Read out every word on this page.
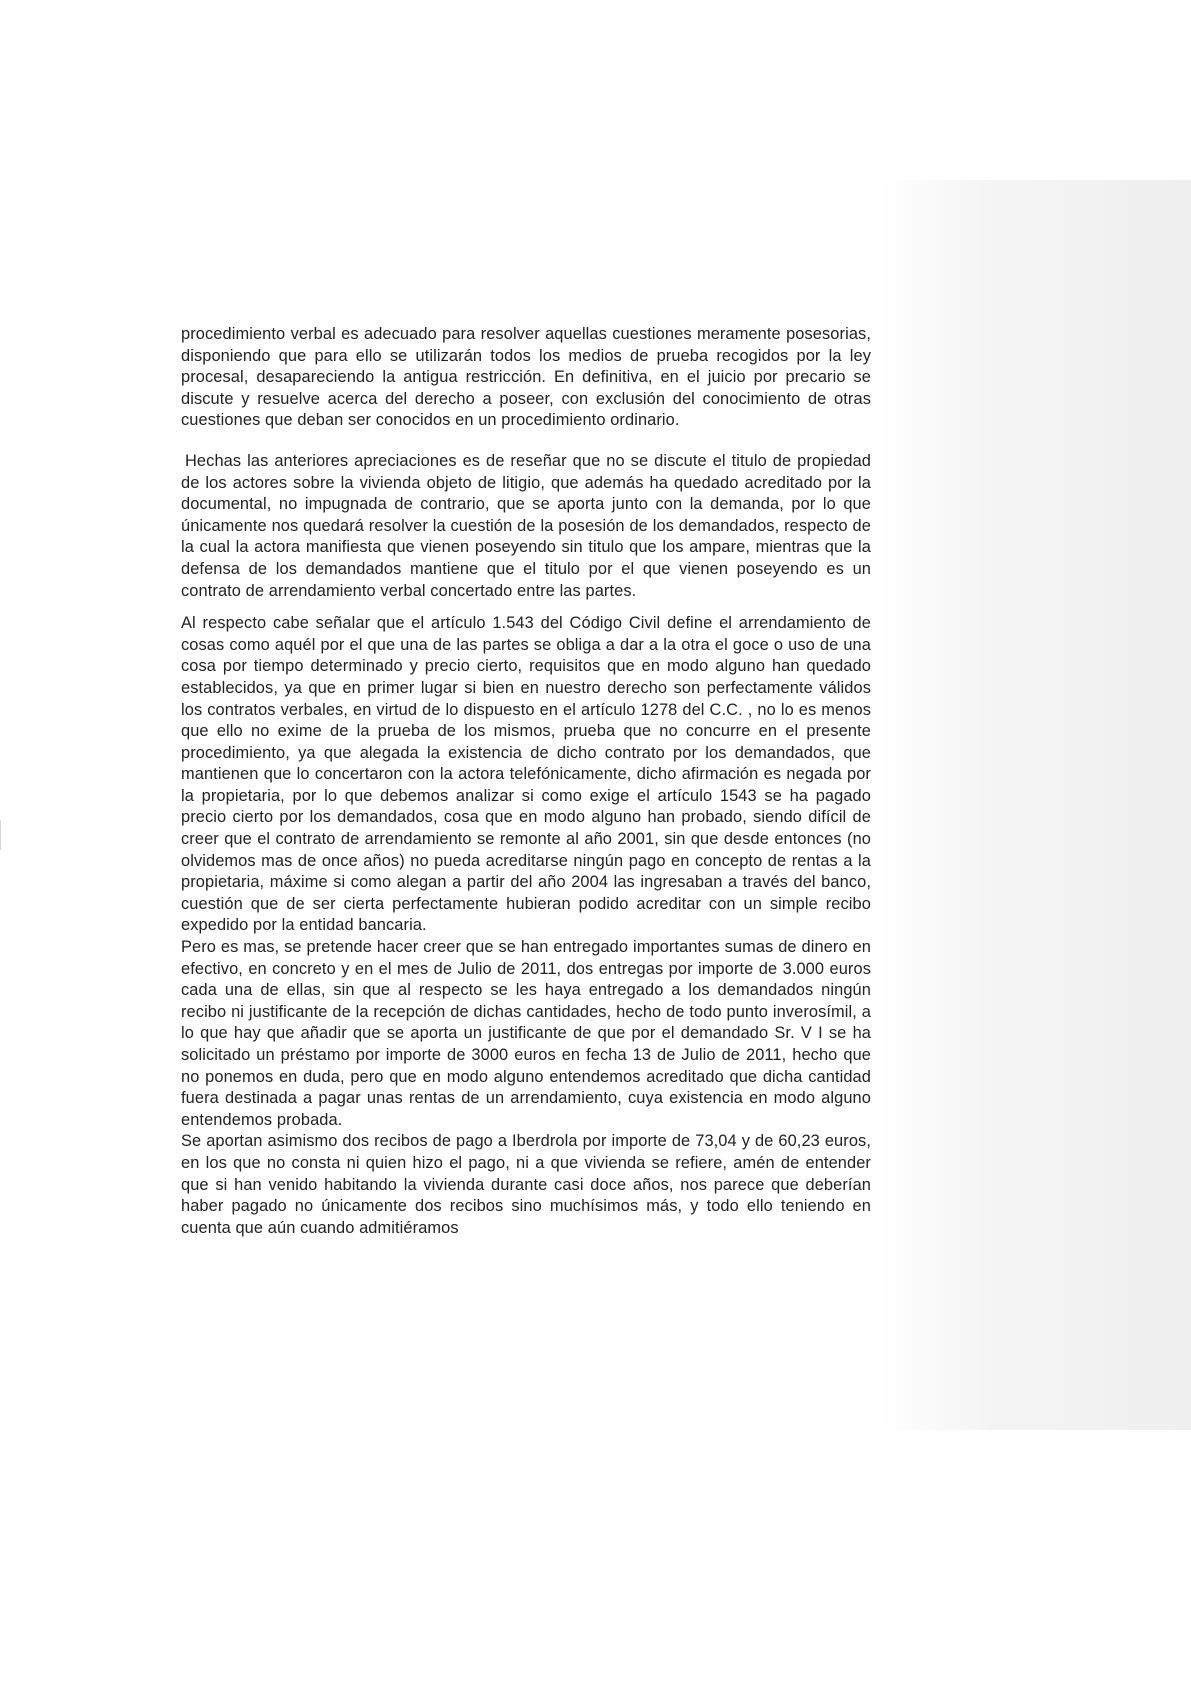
procedimiento verbal es adecuado para resolver aquellas cuestiones meramente posesorias, disponiendo que para ello se utilizarán todos los medios de prueba recogidos por la ley procesal, desapareciendo la antigua restricción. En definitiva, en el juicio por precario se discute y resuelve acerca del derecho a poseer, con exclusión del conocimiento de otras cuestiones que deban ser conocidos en un procedimiento ordinario.

Hechas las anteriores apreciaciones es de reseñar que no se discute el titulo de propiedad de los actores sobre la vivienda objeto de litigio, que además ha quedado acreditado por la documental, no impugnada de contrario, que se aporta junto con la demanda, por lo que únicamente nos quedará resolver la cuestión de la posesión de los demandados, respecto de la cual la actora manifiesta que vienen poseyendo sin titulo que los ampare, mientras que la defensa de los demandados mantiene que el titulo por el que vienen poseyendo es un contrato de arrendamiento verbal concertado entre las partes.

Al respecto cabe señalar que el artículo 1.543 del Código Civil define el arrendamiento de cosas como aquél por el que una de las partes se obliga a dar a la otra el goce o uso de una cosa por tiempo determinado y precio cierto, requisitos que en modo alguno han quedado establecidos, ya que en primer lugar si bien en nuestro derecho son perfectamente válidos los contratos verbales, en virtud de lo dispuesto en el artículo 1278 del C.C. , no lo es menos que ello no exime de la prueba de los mismos, prueba que no concurre en el presente procedimiento, ya que alegada la existencia de dicho contrato por los demandados, que mantienen que lo concertaron con la actora telefónicamente, dicho afirmación es negada por la propietaria, por lo que debemos analizar si como exige el artículo 1543 se ha pagado precio cierto por los demandados, cosa que en modo alguno han probado, siendo difícil de creer que el contrato de arrendamiento se remonte al año 2001, sin que desde entonces (no olvidemos mas de once años) no pueda acreditarse ningún pago en concepto de rentas a la propietaria, máxime si como alegan a partir del año 2004 las ingresaban a través del banco, cuestión que de ser cierta perfectamente hubieran podido acreditar con un simple recibo expedido por la entidad bancaria.

Pero es mas, se pretende hacer creer que se han entregado importantes sumas de dinero en efectivo, en concreto y en el mes de Julio de 2011, dos entregas por importe de 3.000 euros cada una de ellas, sin que al respecto se les haya entregado a los demandados ningún recibo ni justificante de la recepción de dichas cantidades, hecho de todo punto inverosímil, a lo que hay que añadir que se aporta un justificante de que por el demandado Sr. V I se ha solicitado un préstamo por importe de 3000 euros en fecha 13 de Julio de 2011, hecho que no ponemos en duda, pero que en modo alguno entendemos acreditado que dicha cantidad fuera destinada a pagar unas rentas de un arrendamiento, cuya existencia en modo alguno entendemos probada.

Se aportan asimismo dos recibos de pago a Iberdrola por importe de 73,04 y de 60,23 euros, en los que no consta ni quien hizo el pago, ni a que vivienda se refiere, amén de entender que si han venido habitando la vivienda durante casi doce años, nos parece que deberían haber pagado no únicamente dos recibos sino muchísimos más, y todo ello teniendo en cuenta que aún cuando admitiéramos
